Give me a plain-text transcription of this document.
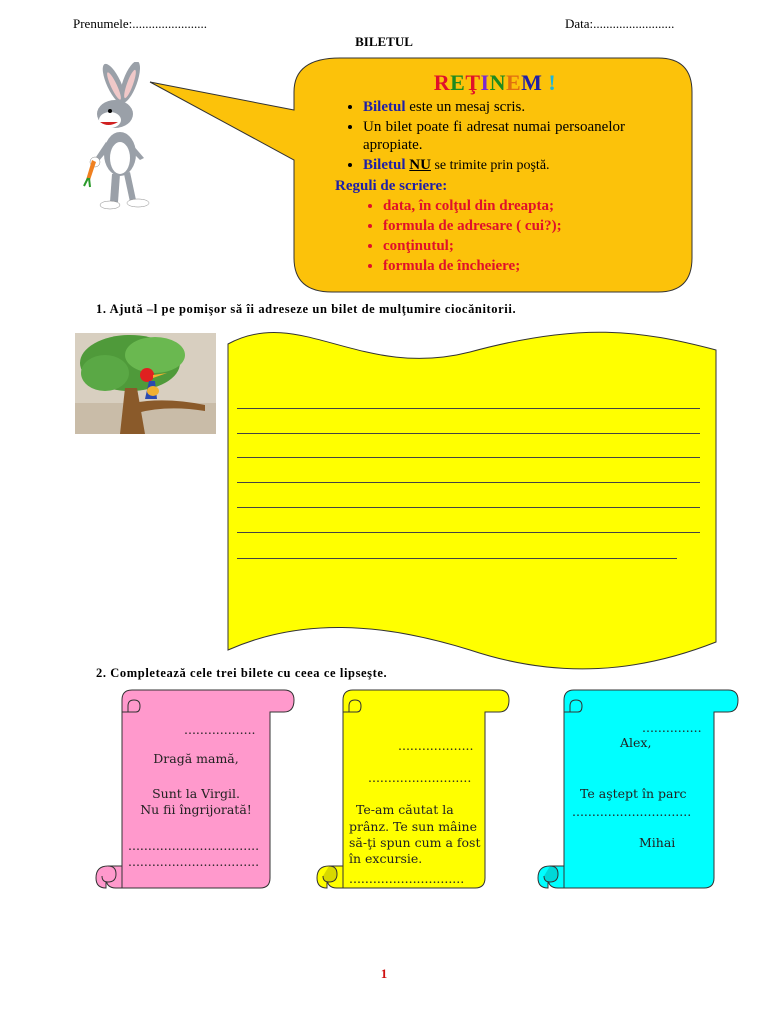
Prenumele:.......................	Data:.........................
BILETUL
REŢINEM !
• Biletul este un mesaj scris.
• Un bilet poate fi adresat numai persoanelor apropiate.
• Biletul NU se trimite prin poştă.
Reguli de scriere:
• data, în colţul din dreapta;
• formula de adresare ( cui?);
• conţinutul;
• formula de încheiere;
1. Ajută –l pe pomişor să îi adreseze un bilet de mulţumire ciocănitorii.
2. Completează cele trei bilete cu ceea ce lipseşte.
..................
Dragă mamă,
Sunt la Virgil.
Nu fii îngrijorată!
.................................
.................................
...................
..........................
Te-am căutat la
prânz. Te sun mâine
să-ţi spun cum a fost
în excursie.
.............................
...............
Alex,
Te aştept în parc
..............................
Mihai
1
